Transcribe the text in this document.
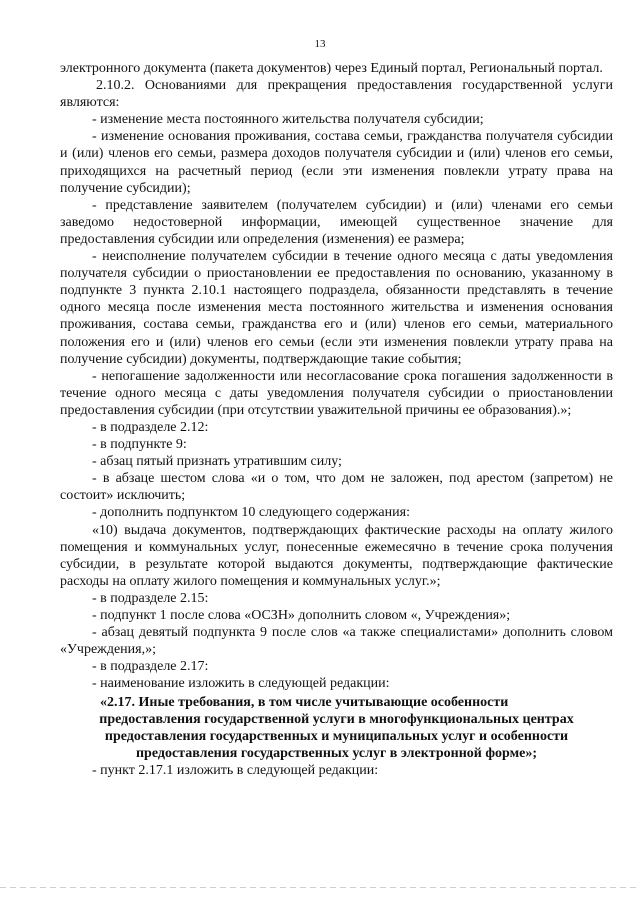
13

электронного документа (пакета документов) через Единый портал, Региональный портал.

2.10.2. Основаниями для прекращения предоставления государственной услуги являются:

- изменение места постоянного жительства получателя субсидии;

- изменение основания проживания, состава семьи, гражданства получателя субсидии и (или) членов его семьи, размера доходов получателя субсидии и (или) членов его семьи, приходящихся на расчетный период (если эти изменения повлекли утрату права на получение субсидии);

- представление заявителем (получателем субсидии) и (или) членами его семьи заведомо недостоверной информации, имеющей существенное значение для предоставления субсидии или определения (изменения) ее размера;

- неисполнение получателем субсидии в течение одного месяца с даты уведомления получателя субсидии о приостановлении ее предоставления по основанию, указанному в подпункте 3 пункта 2.10.1 настоящего подраздела, обязанности представлять в течение одного месяца после изменения места постоянного жительства и изменения основания проживания, состава семьи, гражданства его и (или) членов его семьи, материального положения его и (или) членов его семьи (если эти изменения повлекли утрату права на получение субсидии) документы, подтверждающие такие события;

- непогашение задолженности или несогласование срока погашения задолженности в течение одного месяца с даты уведомления получателя субсидии о приостановлении предоставления субсидии (при отсутствии уважительной причины ее образования).»;

- в подразделе 2.12:

- в подпункте 9:

- абзац пятый признать утратившим силу;

- в абзаце шестом слова «и о том, что дом не заложен, под арестом (запретом) не состоит» исключить;

- дополнить подпунктом 10 следующего содержания:

«10) выдача документов, подтверждающих фактические расходы на оплату жилого помещения и коммунальных услуг, понесенные ежемесячно в течение срока получения субсидии, в результате которой выдаются документы, подтверждающие фактические расходы на оплату жилого помещения и коммунальных услуг.»;

- в подразделе 2.15:

- подпункт 1 после слова «ОСЗН» дополнить словом «, Учреждения»;

- абзац девятый подпункта 9 после слов «а также специалистами» дополнить словом «Учреждения,»;

- в подразделе 2.17:

- наименование изложить в следующей редакции:

«2.17. Иные требования, в том числе учитывающие особенности

предоставления государственной услуги в многофункциональных центрах

предоставления государственных и муниципальных услуг и особенности

предоставления государственных услуг в электронной форме»;

- пункт 2.17.1 изложить в следующей редакции:
